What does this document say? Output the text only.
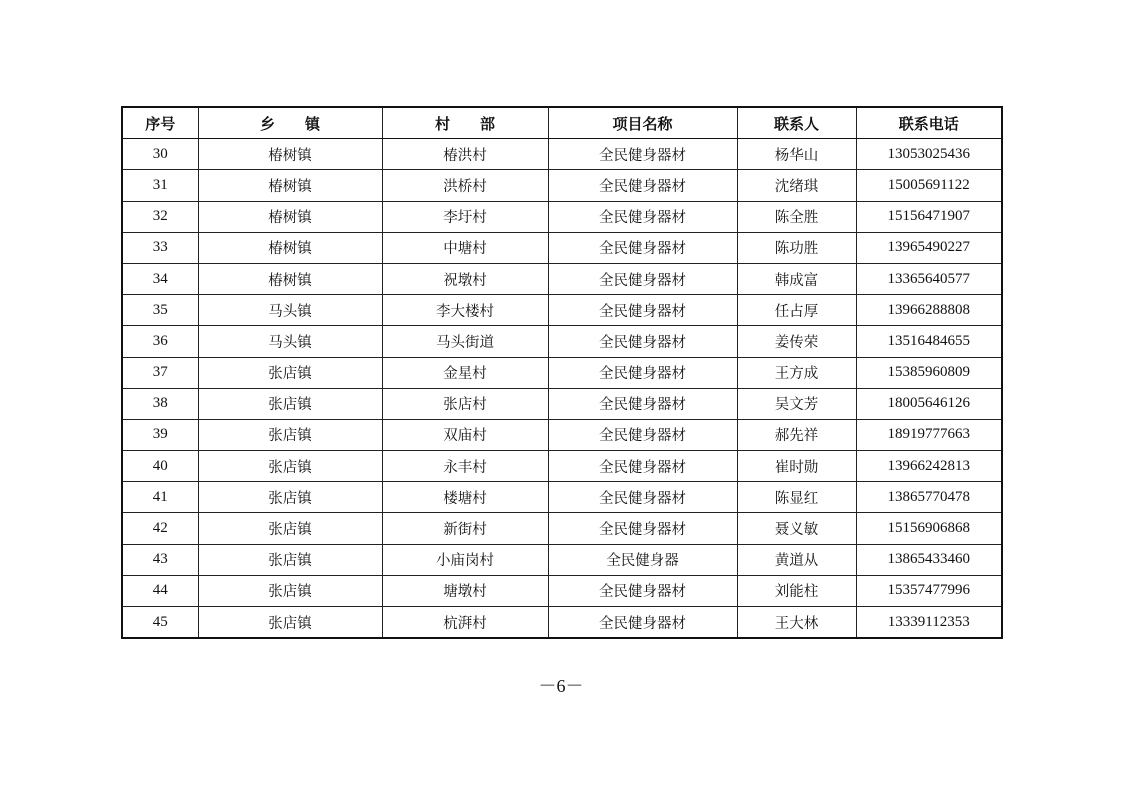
序号	乡  镇	村  部	项目名称	联系人	联系电话
30	椿树镇	椿洪村	全民健身器材	杨华山	13053025436
31	椿树镇	洪桥村	全民健身器材	沈绪琪	15005691122
32	椿树镇	李圩村	全民健身器材	陈全胜	15156471907
33	椿树镇	中塘村	全民健身器材	陈功胜	13965490227
34	椿树镇	祝墩村	全民健身器材	韩成富	13365640577
35	马头镇	李大楼村	全民健身器材	任占厚	13966288808
36	马头镇	马头街道	全民健身器材	姜传荣	13516484655
37	张店镇	金星村	全民健身器材	王方成	15385960809
38	张店镇	张店村	全民健身器材	吴文芳	18005646126
39	张店镇	双庙村	全民健身器材	郝先祥	18919777663
40	张店镇	永丰村	全民健身器材	崔时勋	13966242813
41	张店镇	楼塘村	全民健身器材	陈显红	13865770478
42	张店镇	新街村	全民健身器材	聂义敏	15156906868
43	张店镇	小庙岗村	全民健身器	黄道从	13865433460
44	张店镇	塘墩村	全民健身器材	刘能柱	15357477996
45	张店镇	杭湃村	全民健身器材	王大林	13339112353
－6－
